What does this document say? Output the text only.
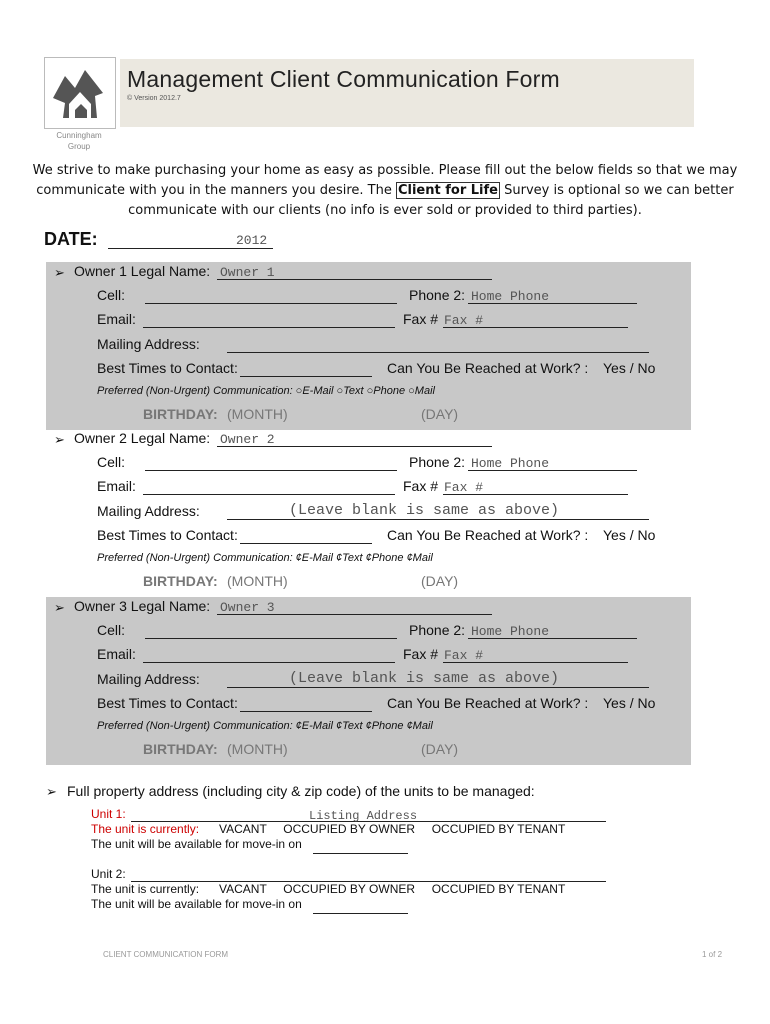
Cunningham
Group
Management Client Communication Form
© Version 2012.7
We strive to make purchasing your home as easy as possible. Please fill out the below fields so that we may
communicate with you in the manners you desire. The Client for Life Survey is optional so we can better
communicate with our clients (no info is ever sold or provided to third parties).
DATE:	2012
➢ Owner 1 Legal Name: Owner 1
Cell:	Phone 2: Home Phone
Email:	Fax # Fax #
Mailing Address:
Best Times to Contact:	Can You Be Reached at Work? : Yes / No
Preferred (Non-Urgent) Communication: ○E-Mail ○Text ○Phone ○Mail
BIRTHDAY: (MONTH)	(DAY)
➢ Owner 2 Legal Name: Owner 2
Cell:	Phone 2: Home Phone
Email:	Fax # Fax #
Mailing Address:	(Leave blank is same as above)
Best Times to Contact:	Can You Be Reached at Work? : Yes / No
Preferred (Non-Urgent) Communication: ¢E-Mail ¢Text ¢Phone ¢Mail
BIRTHDAY: (MONTH)	(DAY)
➢ Owner 3 Legal Name: Owner 3
Cell:	Phone 2: Home Phone
Email:	Fax # Fax #
Mailing Address:	(Leave blank is same as above)
Best Times to Contact:	Can You Be Reached at Work? : Yes / No
Preferred (Non-Urgent) Communication: ¢E-Mail ¢Text ¢Phone ¢Mail
BIRTHDAY: (MONTH)	(DAY)
➢ Full property address (including city & zip code) of the units to be managed:
Unit 1:	Listing Address
The unit is currently: VACANT     OCCUPIED BY OWNER     OCCUPIED BY TENANT
The unit will be available for move-in on
Unit 2:
The unit is currently: VACANT     OCCUPIED BY OWNER     OCCUPIED BY TENANT
The unit will be available for move-in on
CLIENT COMMUNICATION FORM	1 of 2
